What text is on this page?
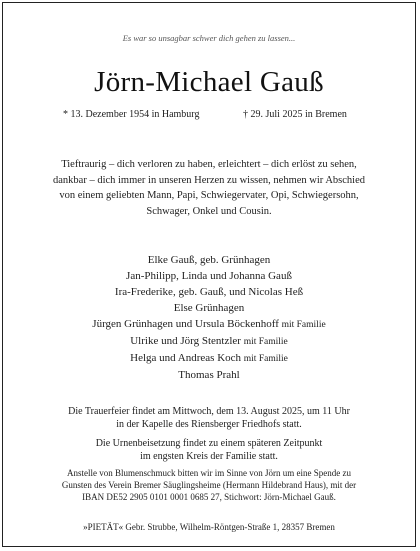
Es war so unsagbar schwer dich gehen zu lassen...
Jörn-Michael Gauß
* 13. Dezember 1954 in Hamburg	† 29. Juli 2025 in Bremen
Tieftraurig – dich verloren zu haben, erleichtert – dich erlöst zu sehen,
dankbar – dich immer in unseren Herzen zu wissen, nehmen wir Abschied
von einem geliebten Mann, Papi, Schwiegervater, Opi, Schwiegersohn,
Schwager, Onkel und Cousin.
Elke Gauß, geb. Grünhagen
Jan-Philipp, Linda und Johanna Gauß
Ira-Frederike, geb. Gauß, und Nicolas Heß
Else Grünhagen
Jürgen Grünhagen und Ursula Böckenhoff mit Familie
Ulrike und Jörg Stentzler mit Familie
Helga und Andreas Koch mit Familie
Thomas Prahl

Die Trauerfeier findet am Mittwoch, dem 13. August 2025, um 11 Uhr
in der Kapelle des Riensberger Friedhofs statt.

Die Urnenbeisetzung findet zu einem späteren Zeitpunkt
im engsten Kreis der Familie statt.

Anstelle von Blumenschmuck bitten wir im Sinne von Jörn um eine Spende zu
Gunsten des Verein Bremer Säuglingsheime (Hermann Hildebrand Haus), mit der
IBAN DE52 2905 0101 0001 0685 27, Stichwort: Jörn-Michael Gauß.
»PIETÄT« Gebr. Strubbe, Wilhelm-Röntgen-Straße 1, 28357 Bremen
